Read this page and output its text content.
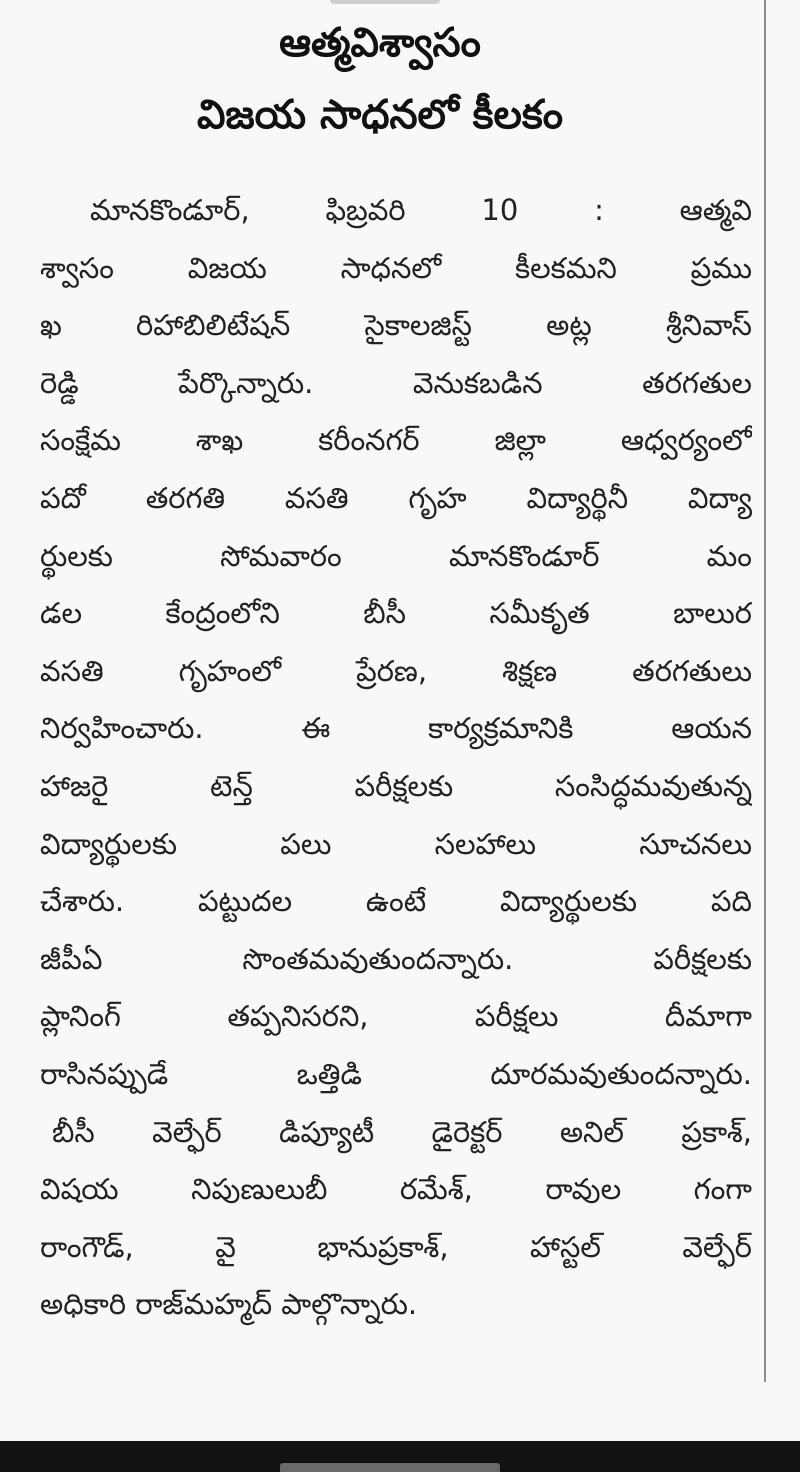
ఆత్మవిశ్వాసం
విజయ సాధనలో కీలకం
మానకొండూర్, ఫిబ్రవరి 10 : ఆత్మవి
శ్వాసం విజయ సాధనలో కీలకమని ప్రము
ఖ రిహాబిలిటేషన్ సైకాలజిస్ట్ అట్ల శ్రీనివాస్
రెడ్డి పేర్కొన్నారు. వెనుకబడిన తరగతుల
సంక్షేమ శాఖ కరీంనగర్ జిల్లా ఆధ్వర్యంలో
పదో తరగతి వసతి గృహ విద్యార్థినీ విద్యా
ర్థులకు సోమవారం మానకొండూర్ మం
డల కేంద్రంలోని బీసీ సమీకృత బాలుర
వసతి గృహంలో ప్రేరణ, శిక్షణ తరగతులు
నిర్వహించారు. ఈ కార్యక్రమానికి ఆయన
హాజరై టెన్త్ పరీక్షలకు సంసిద్ధమవుతున్న
విద్యార్థులకు పలు సలహాలు సూచనలు
చేశారు. పట్టుదల ఉంటే విద్యార్థులకు పది
జీపీఏ సొంతమవుతుందన్నారు. పరీక్షలకు
ప్లానింగ్ తప్పనిసరని, పరీక్షలు దీమాగా
రాసినప్పుడే ఒత్తిడి దూరమవుతుందన్నారు.
బీసీ వెల్ఫేర్ డిప్యూటీ డైరెక్టర్ అనిల్ ప్రకాశ్,
విషయ నిపుణులుబీ రమేశ్, రావుల గంగా
రాంగౌడ్, వై భానుప్రకాశ్, హాస్టల్ వెల్ఫేర్
అధికారి రాజ్‌మహ్మద్ పాల్గొన్నారు.
